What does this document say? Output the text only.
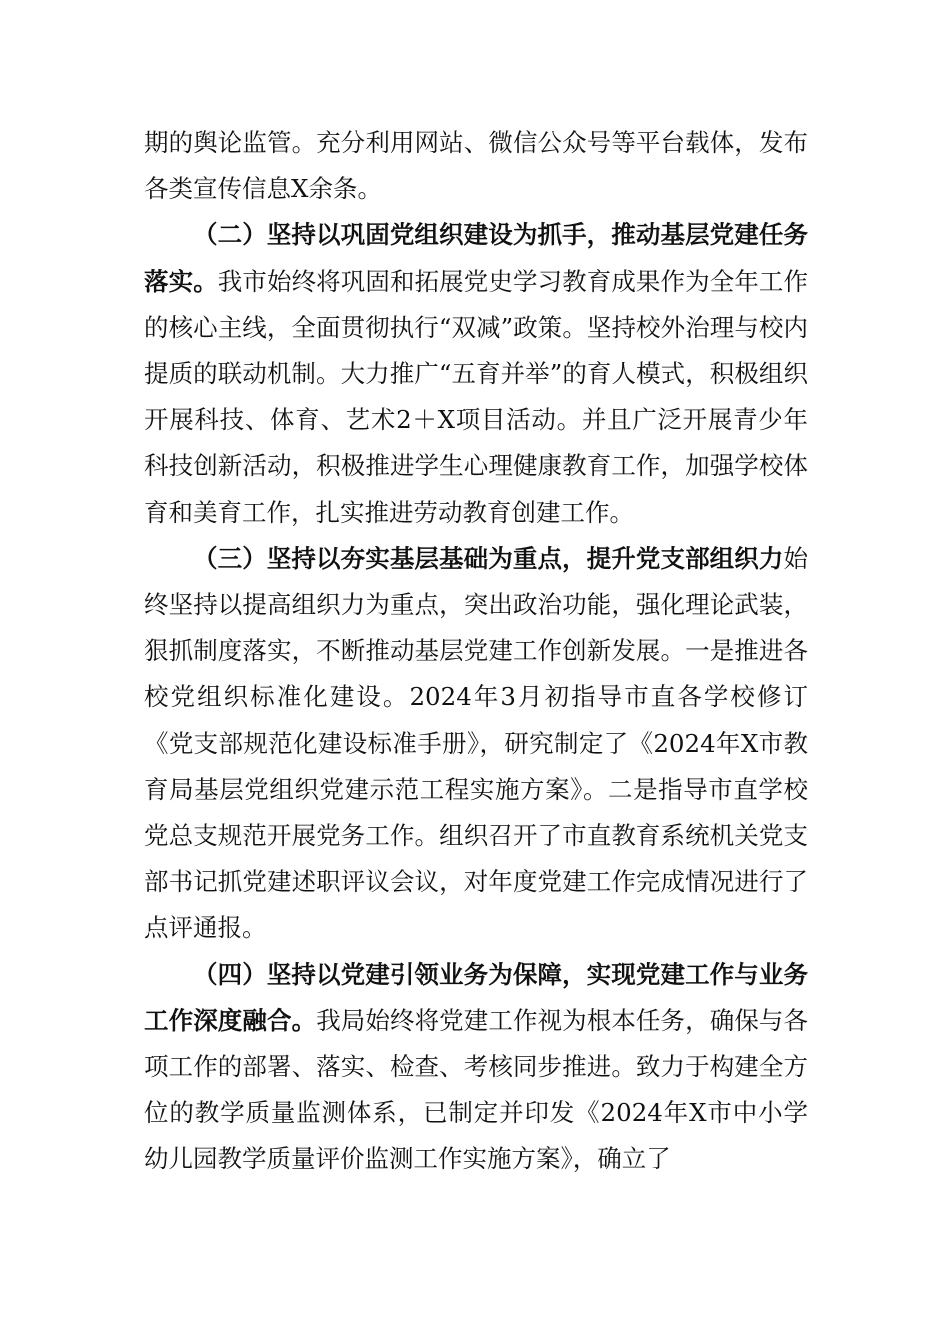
期的舆论监管。充分利用网站、微信公众号等平台载体，发布各类宣传信息X余条。

（二）坚持以巩固党组织建设为抓手，推动基层党建任务落实。我市始终将巩固和拓展党史学习教育成果作为全年工作的核心主线，全面贯彻执行“双减”政策。坚持校外治理与校内提质的联动机制。大力推广“五育并举”的育人模式，积极组织开展科技、体育、艺术2＋X项目活动。并且广泛开展青少年科技创新活动，积极推进学生心理健康教育工作，加强学校体育和美育工作，扎实推进劳动教育创建工作。

（三）坚持以夯实基层基础为重点，提升党支部组织力始终坚持以提高组织力为重点，突出政治功能，强化理论武装，狠抓制度落实，不断推动基层党建工作创新发展。一是推进各校党组织标准化建设。2024年3月初指导市直各学校修订《党支部规范化建设标准手册》，研究制定了《2024年X市教育局基层党组织党建示范工程实施方案》。二是指导市直学校党总支规范开展党务工作。组织召开了市直教育系统机关党支部书记抓党建述职评议会议，对年度党建工作完成情况进行了点评通报。

（四）坚持以党建引领业务为保障，实现党建工作与业务工作深度融合。我局始终将党建工作视为根本任务，确保与各项工作的部署、落实、检查、考核同步推进。致力于构建全方位的教学质量监测体系，已制定并印发《2024年X市中小学幼儿园教学质量评价监测工作实施方案》，确立了
